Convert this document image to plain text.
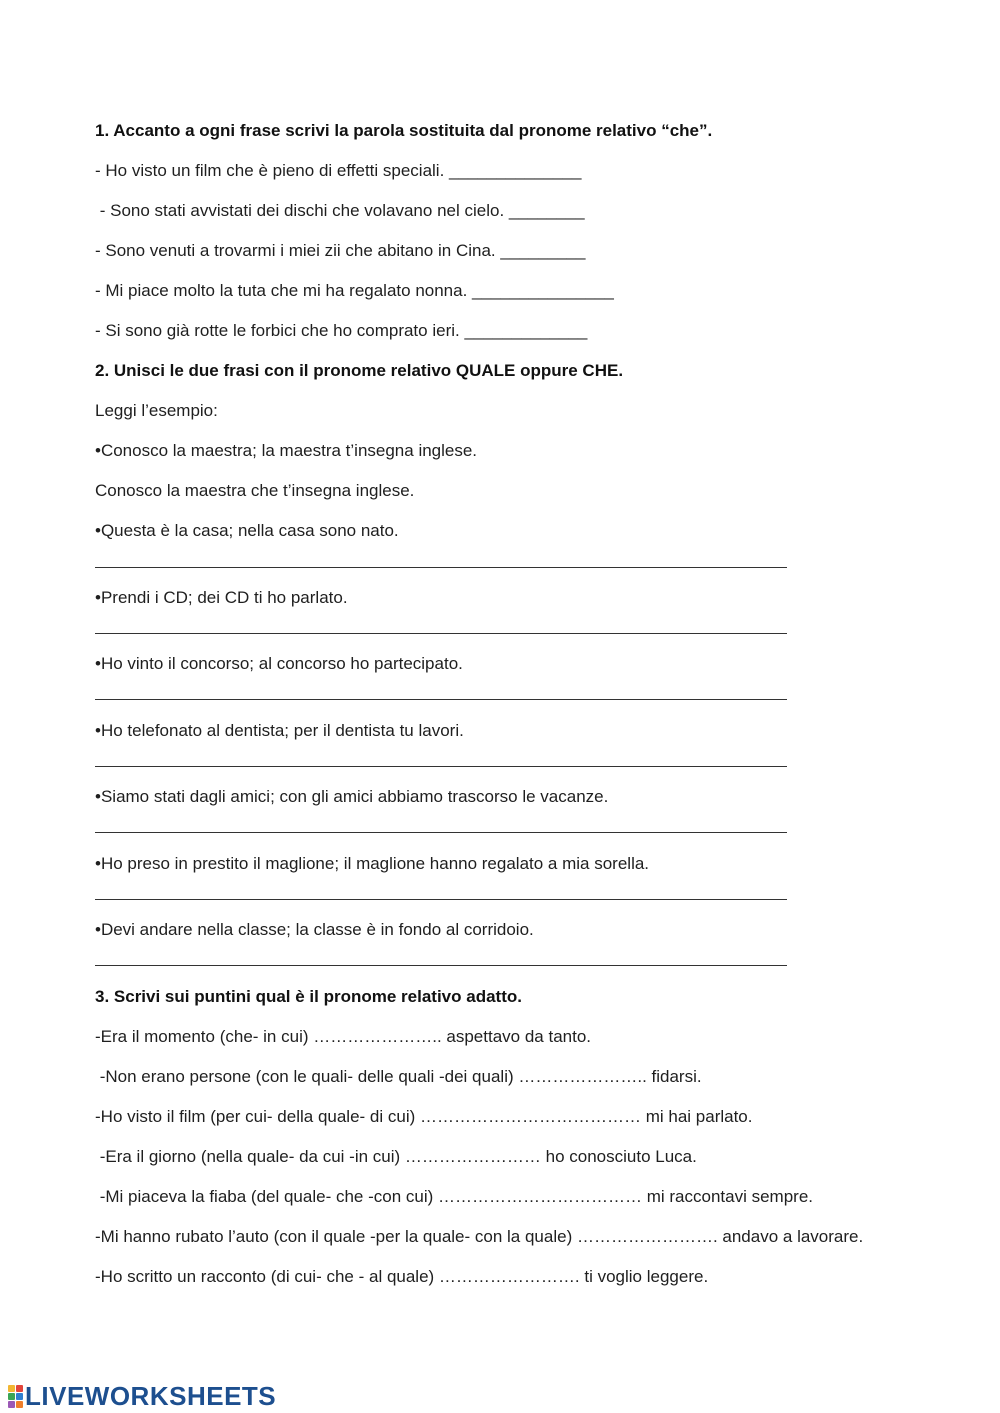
1. Accanto a ogni frase scrivi la parola sostituita dal pronome relativo “che”.

- Ho visto un film che è pieno di effetti speciali. ______________

- Sono stati avvistati dei dischi che volavano nel cielo. ________

- Sono venuti a trovarmi i miei zii che abitano in Cina. _________

- Mi piace molto la tuta che mi ha regalato nonna. _______________

- Si sono già rotte le forbici che ho comprato ieri. _____________

2. Unisci le due frasi con il pronome relativo QUALE oppure CHE.

Leggi l’esempio:

•Conosco la maestra; la maestra t’insegna inglese.

Conosco la maestra che t’insegna inglese.

•Questa è la casa; nella casa sono nato.

•Prendi i CD; dei CD ti ho parlato.

•Ho vinto il concorso; al concorso ho partecipato.

•Ho telefonato al dentista; per il dentista tu lavori.

•Siamo stati dagli amici; con gli amici abbiamo trascorso le vacanze.

•Ho preso in prestito il maglione; il maglione hanno regalato a mia sorella.

•Devi andare nella classe; la classe è in fondo al corridoio.

3. Scrivi sui puntini qual è il pronome relativo adatto.

-Era il momento (che- in cui) ………………….. aspettavo da tanto.

-Non erano persone (con le quali- delle quali -dei quali) ………………….. fidarsi.

-Ho visto il film (per cui- della quale- di cui) ………………………………… mi hai parlato.

-Era il giorno (nella quale- da cui -in cui) …………………… ho conosciuto Luca.

-Mi piaceva la fiaba (del quale- che -con cui) ……………………………… mi raccontavi sempre.

-Mi hanno rubato l’auto (con il quale -per la quale- con la quale) ……………………. andavo a lavorare.

-Ho scritto un racconto (di cui- che - al quale) ……………………. ti voglio leggere.

LIVEWORKSHEETS
